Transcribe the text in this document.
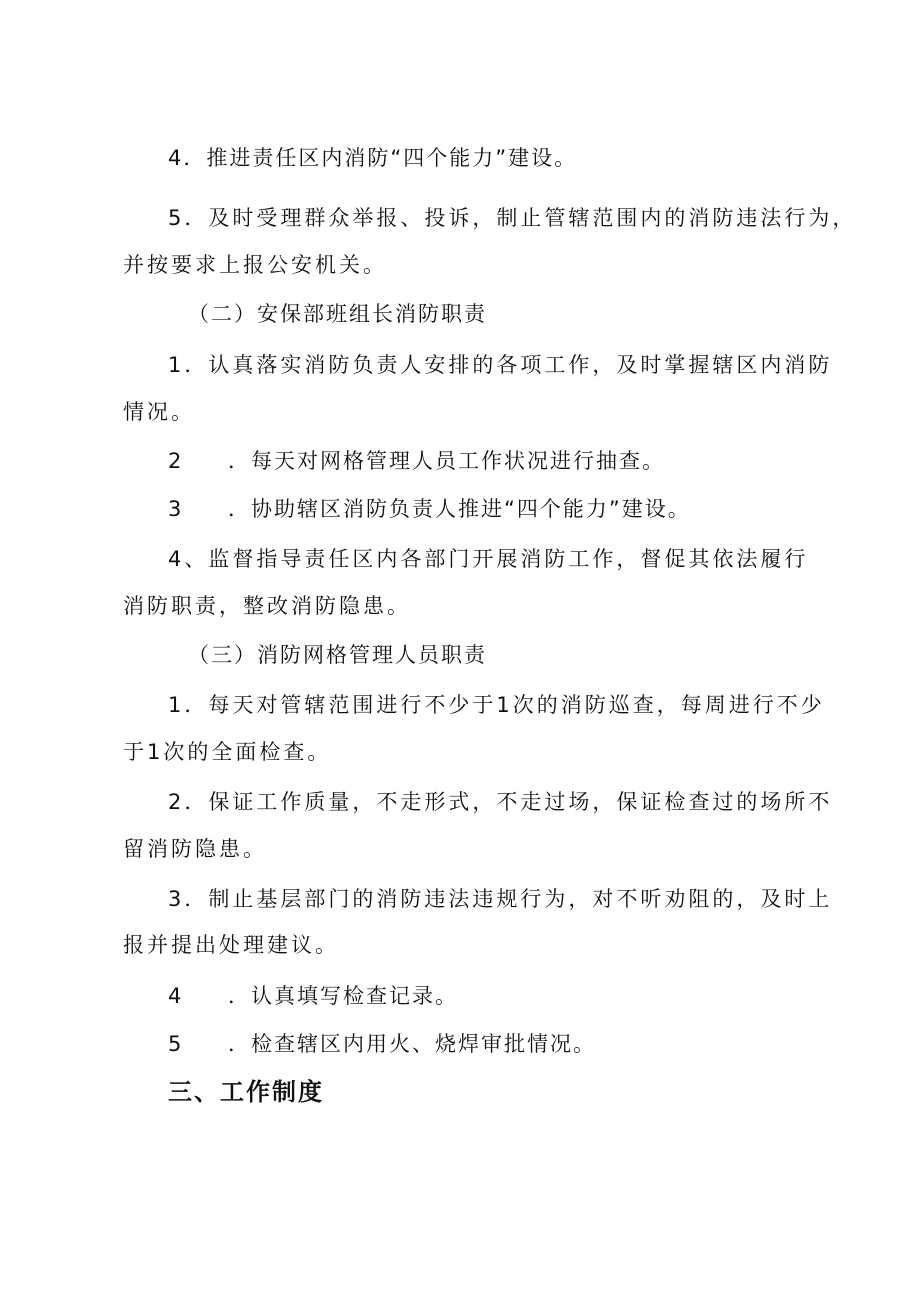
4．推进责任区内消防“四个能力”建设。
5．及时受理群众举报、投诉，制止管辖范围内的消防违法行为，
并按要求上报公安机关。
（二）安保部班组长消防职责
1．认真落实消防负责人安排的各项工作，及时掌握辖区内消防
情况。
2 ．每天对网格管理人员工作状况进行抽查。
3 ．协助辖区消防负责人推进“四个能力”建设。
4、监督指导责任区内各部门开展消防工作，督促其依法履行
消防职责，整改消防隐患。
（三）消防网格管理人员职责
1．每天对管辖范围进行不少于1次的消防巡查，每周进行不少
于1次的全面检查。
2．保证工作质量，不走形式，不走过场，保证检查过的场所不
留消防隐患。
3．制止基层部门的消防违法违规行为，对不听劝阻的，及时上
报并提出处理建议。
4 ．认真填写检查记录。
5 ．检查辖区内用火、烧焊审批情况。
三、工作制度
